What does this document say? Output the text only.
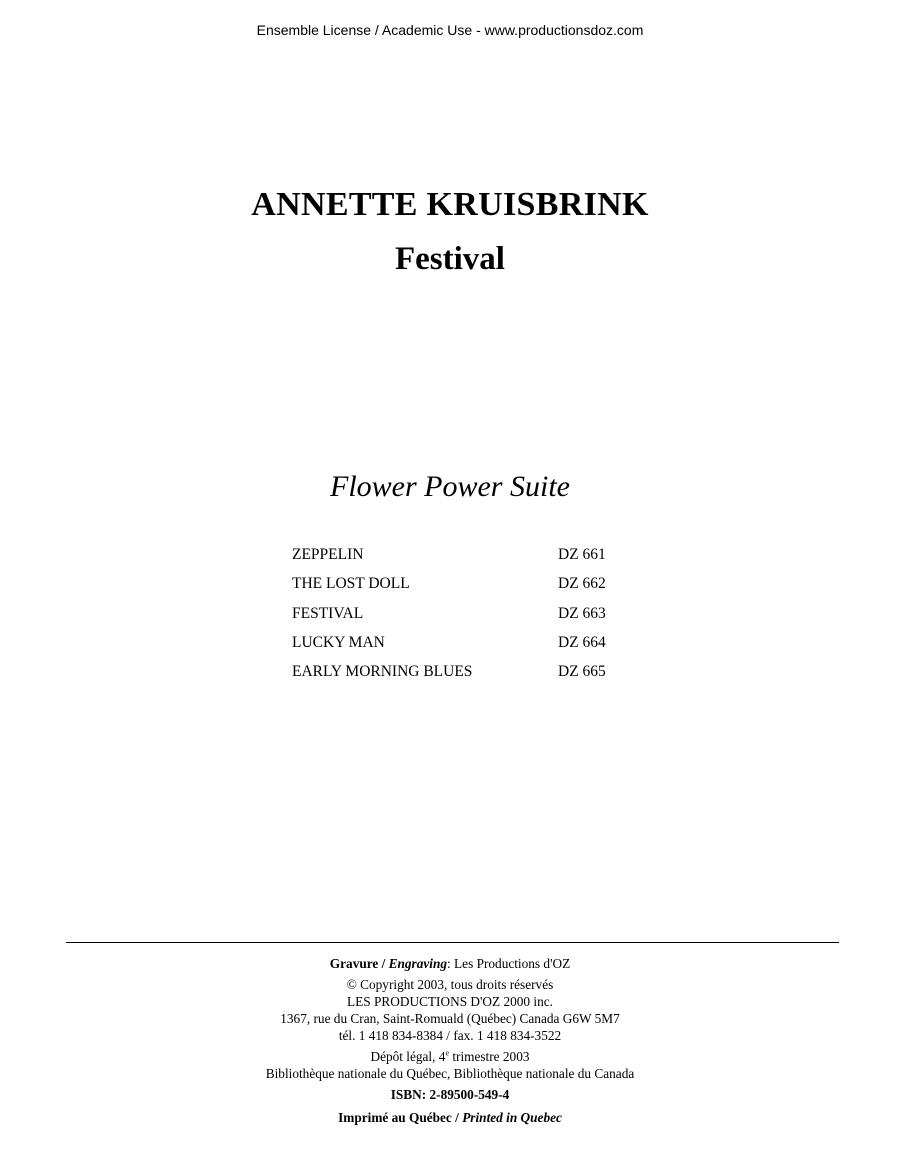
Ensemble License / Academic Use - www.productionsdoz.com
ANNETTE KRUISBRINK
Festival
Flower Power Suite
ZEPPELIN	DZ 661
THE LOST DOLL	DZ 662
FESTIVAL	DZ 663
LUCKY MAN	DZ 664
EARLY MORNING BLUES	DZ 665
Gravure / Engraving: Les Productions d'OZ
© Copyright 2003, tous droits réservés
LES PRODUCTIONS D'OZ 2000 inc.
1367, rue du Cran, Saint-Romuald (Québec) Canada G6W 5M7
tél. 1 418 834-8384 / fax. 1 418 834-3522
Dépôt légal, 4e trimestre 2003
Bibliothèque nationale du Québec, Bibliothèque nationale du Canada
ISBN: 2-89500-549-4
Imprimé au Québec / Printed in Quebec
